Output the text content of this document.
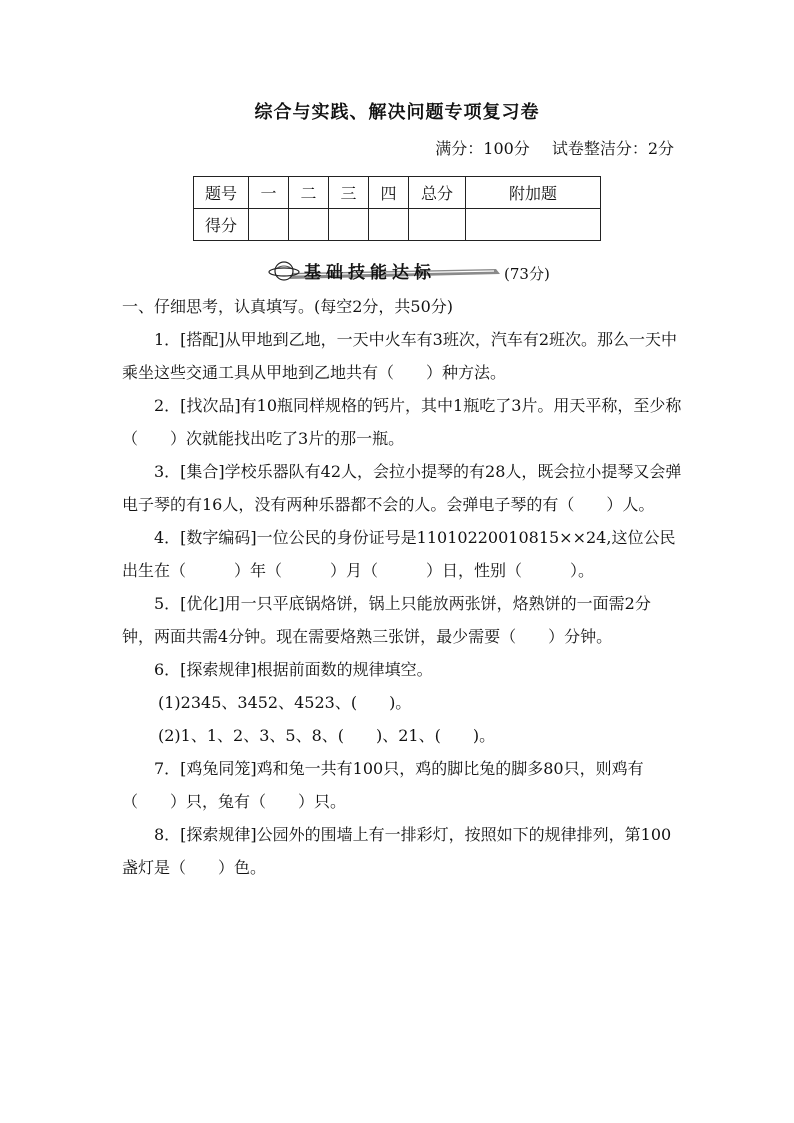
综合与实践、解决问题专项复习卷
满分：100分 试卷整洁分：2分
题号	一	二	三	四	总分	附加题
得分						
基础技能达标	(73分)

一、仔细思考，认真填写。(每空2分，共50分)

1．[搭配]从甲地到乙地，一天中火车有3班次，汽车有2班次。那么一天中乘坐这些交通工具从甲地到乙地共有（　　）种方法。

2．[找次品]有10瓶同样规格的钙片，其中1瓶吃了3片。用天平称，至少称（　　）次就能找出吃了3片的那一瓶。

3．[集合]学校乐器队有42人，会拉小提琴的有28人，既会拉小提琴又会弹电子琴的有16人，没有两种乐器都不会的人。会弹电子琴的有（　　）人。

4．[数字编码]一位公民的身份证号是11010220010815××24,这位公民出生在（　　　）年（　　　）月（　　　）日，性别（　　　）。

5．[优化]用一只平底锅烙饼，锅上只能放两张饼，烙熟饼的一面需2分钟，两面共需4分钟。现在需要烙熟三张饼，最少需要（　　）分钟。

6．[探索规律]根据前面数的规律填空。

(1)2345、3452、4523、(　　)。

(2)1、1、2、3、5、8、(　　)、21、(　　)。

7．[鸡兔同笼]鸡和兔一共有100只，鸡的脚比兔的脚多80只，则鸡有（　　）只，兔有（　　）只。

8．[探索规律]公园外的围墙上有一排彩灯，按照如下的规律排列，第100盏灯是（　　）色。
